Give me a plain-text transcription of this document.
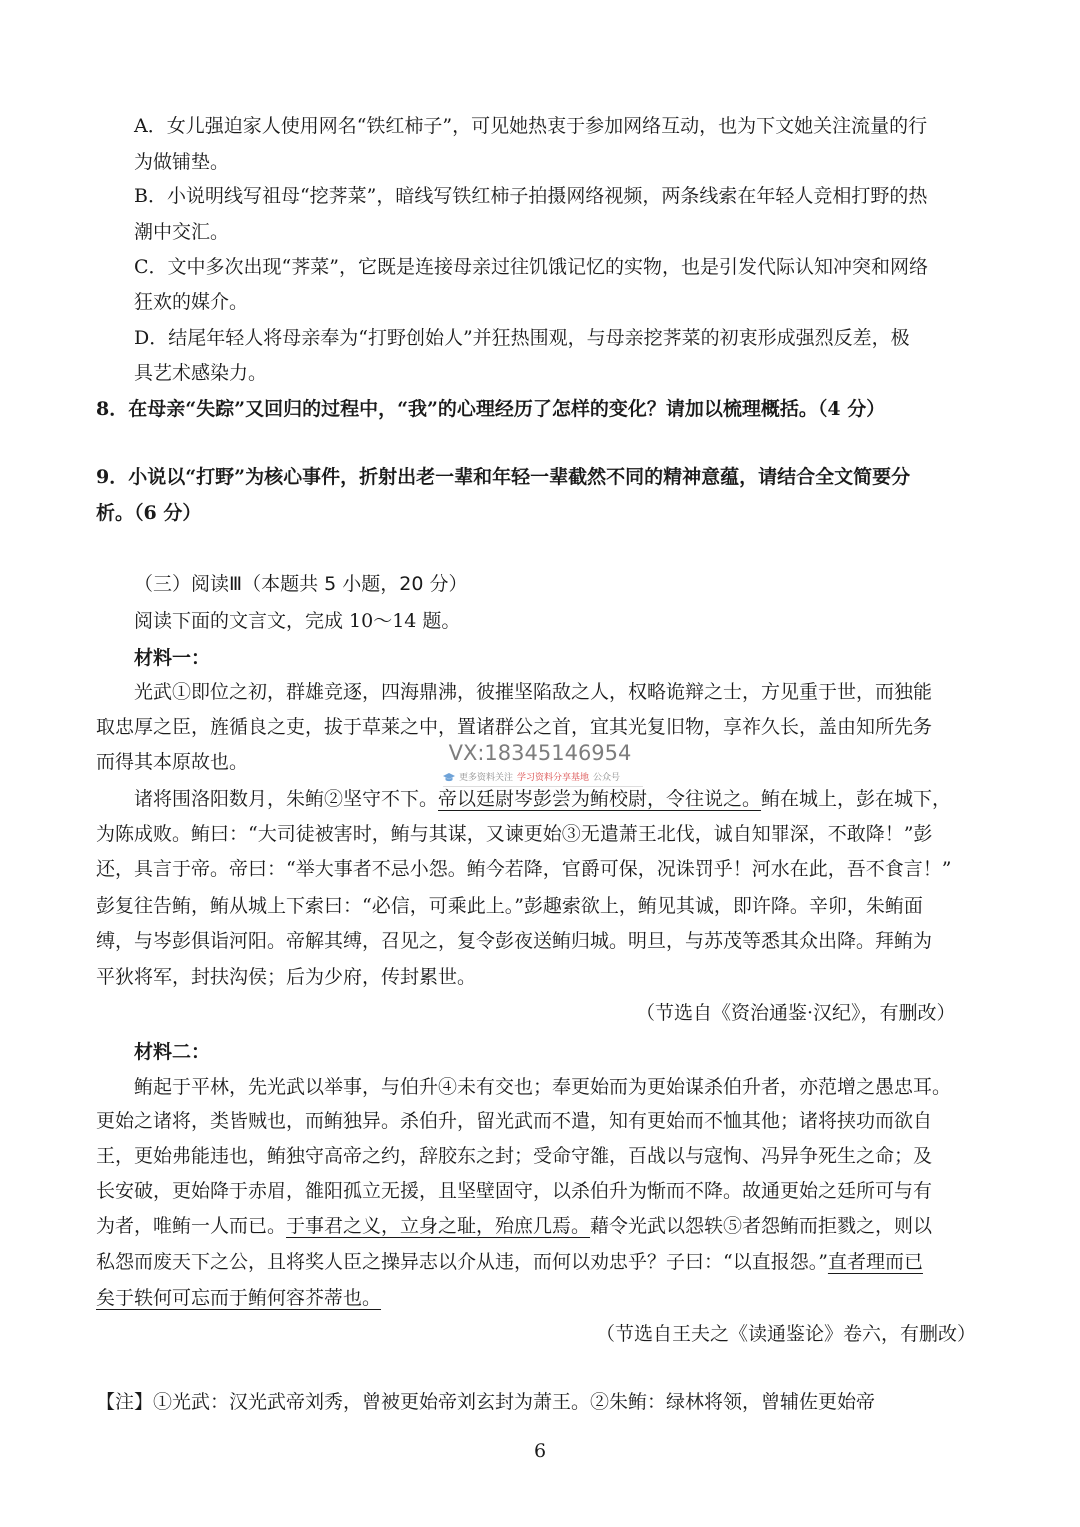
A．女儿强迫家人使用网名“铁红柿子”，可见她热衷于参加网络互动，也为下文她关注流量的行
为做铺垫。
B．小说明线写祖母“挖荠菜”，暗线写铁红柿子拍摄网络视频，两条线索在年轻人竞相打野的热
潮中交汇。
C．文中多次出现“荠菜”，它既是连接母亲过往饥饿记忆的实物，也是引发代际认知冲突和网络
狂欢的媒介。
D．结尾年轻人将母亲奉为“打野创始人”并狂热围观，与母亲挖荠菜的初衷形成强烈反差，极
具艺术感染力。
8．在母亲“失踪”又回归的过程中，“我”的心理经历了怎样的变化？请加以梳理概括。（4 分）
9．小说以“打野”为核心事件，折射出老一辈和年轻一辈截然不同的精神意蕴，请结合全文简要分
析。（6 分）
（三）阅读Ⅲ（本题共 5 小题，20 分）
阅读下面的文言文，完成 10～14 题。
材料一：
光武①即位之初，群雄竞逐，四海鼎沸，彼摧坚陷敌之人，权略诡辩之士，方见重于世，而独能
取忠厚之臣，旌循良之吏，拔于草莱之中，置诸群公之首，宜其光复旧物，享祚久长，盖由知所先务
而得其本原故也。
诸将围洛阳数月，朱鲔②坚守不下。帝以廷尉岑彭尝为鲔校尉，令往说之。鲔在城上，彭在城下，
为陈成败。鲔曰：“大司徒被害时，鲔与其谋，又谏更始③无遣萧王北伐，诚自知罪深，不敢降！”彭
还，具言于帝。帝曰：“举大事者不忌小怨。鲔今若降，官爵可保，况诛罚乎！河水在此，吾不食言！”
彭复往告鲔，鲔从城上下索曰：“必信，可乘此上。”彭趣索欲上，鲔见其诚，即许降。辛卯，朱鲔面
缚，与岑彭俱诣河阳。帝解其缚，召见之，复令彭夜送鲔归城。明旦，与苏茂等悉其众出降。拜鲔为
平狄将军，封扶沟侯；后为少府，传封累世。
（节选自《资治通鉴·汉纪》，有删改）
材料二：
鲔起于平林，先光武以举事，与伯升④未有交也；奉更始而为更始谋杀伯升者，亦范增之愚忠耳。
更始之诸将，类皆贼也，而鲔独异。杀伯升，留光武而不遣，知有更始而不恤其他；诸将挟功而欲自
王，更始弗能违也，鲔独守高帝之约，辞胶东之封；受命守雒，百战以与寇恂、冯异争死生之命；及
长安破，更始降于赤眉，雒阳孤立无援，且坚壁固守，以杀伯升为惭而不降。故通更始之廷所可与有
为者，唯鲔一人而已。于事君之义，立身之耻，殆庶几焉。藉令光武以怨轶⑤者怨鲔而拒戮之，则以
私怨而废天下之公，且将奖人臣之操异志以介从违，而何以劝忠乎？子曰：“以直报怨。”直者理而已
矣于轶何可忘而于鲔何容芥蒂也。
（节选自王夫之《读通鉴论》卷六，有删改）
【注】①光武：汉光武帝刘秀，曾被更始帝刘玄封为萧王。②朱鲔：绿林将领，曾辅佐更始帝
6
VX:18345146954
更多资料关注 学习资料分享基地 公众号
